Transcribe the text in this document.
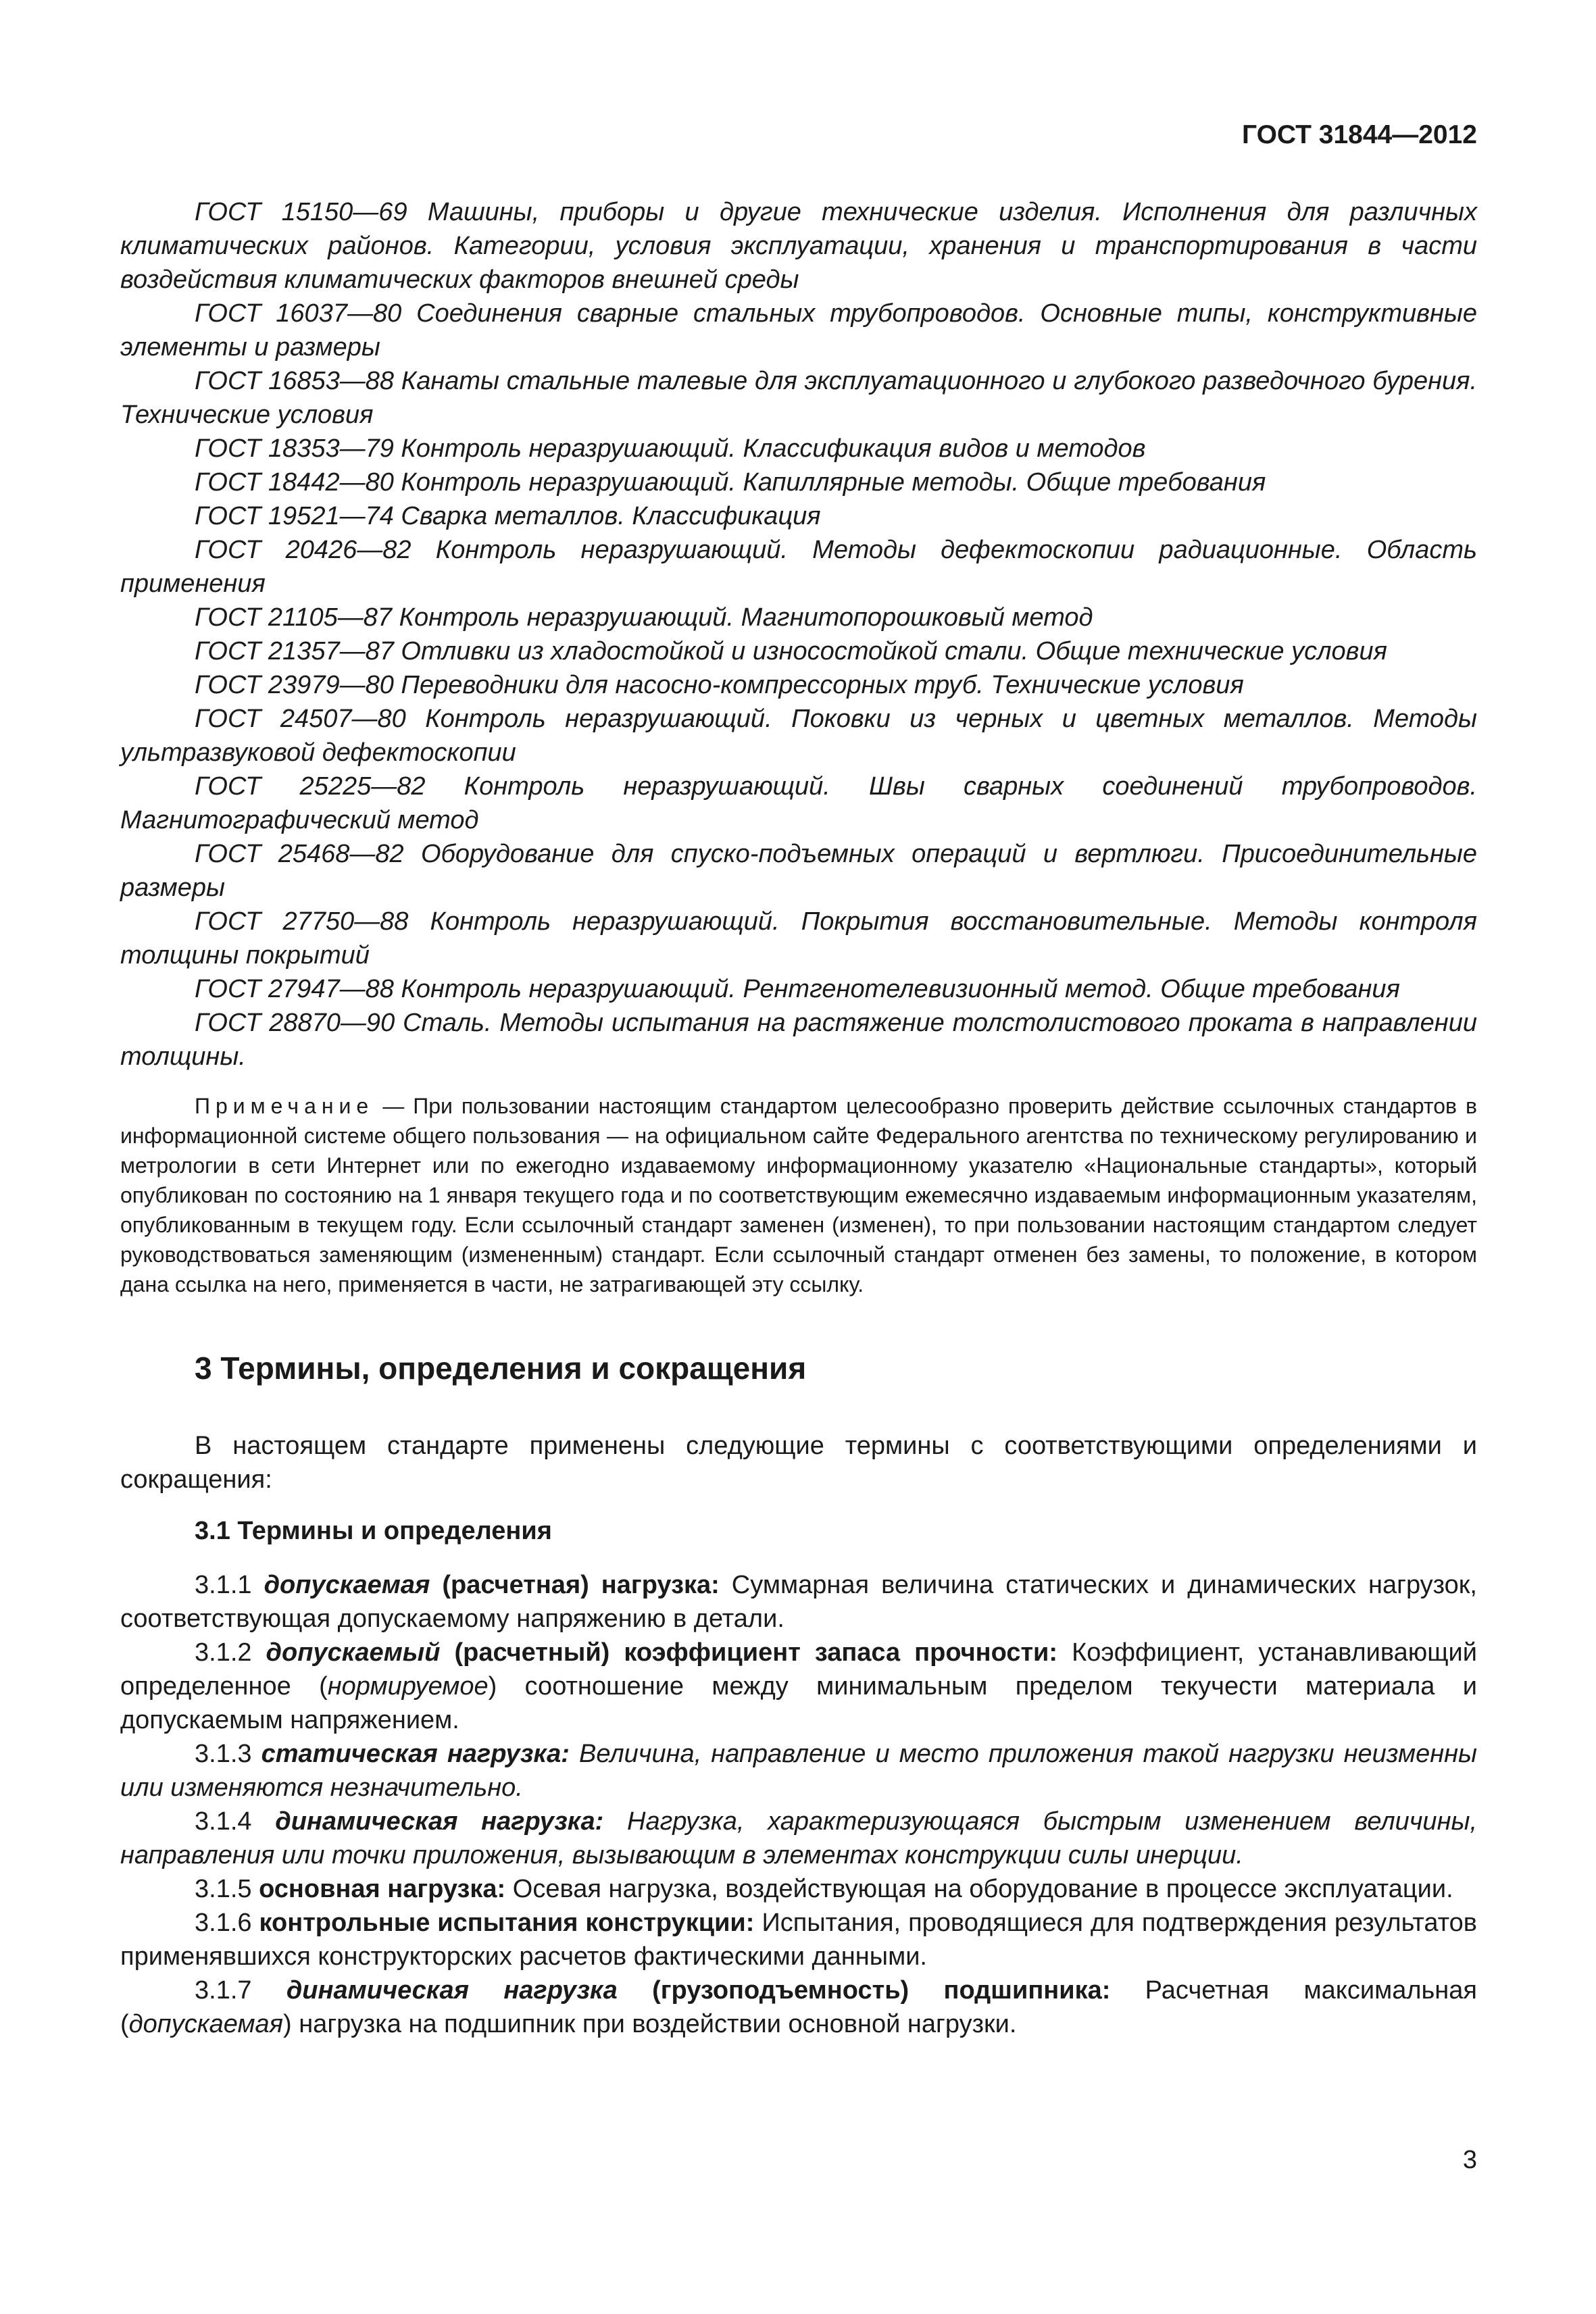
ГОСТ 31844—2012

ГОСТ 15150—69 Машины, приборы и другие технические изделия. Исполнения для различных климатических районов. Категории, условия эксплуатации, хранения и транспортирования в части воздействия климатических факторов внешней среды

ГОСТ 16037—80 Соединения сварные стальных трубопроводов. Основные типы, конструктивные элементы и размеры

ГОСТ 16853—88 Канаты стальные талевые для эксплуатационного и глубокого разведочного бурения. Технические условия

ГОСТ 18353—79 Контроль неразрушающий. Классификация видов и методов

ГОСТ 18442—80 Контроль неразрушающий. Капиллярные методы. Общие требования

ГОСТ 19521—74 Сварка металлов. Классификация

ГОСТ 20426—82 Контроль неразрушающий. Методы дефектоскопии радиационные. Область применения

ГОСТ 21105—87 Контроль неразрушающий. Магнитопорошковый метод

ГОСТ 21357—87 Отливки из хладостойкой и износостойкой стали. Общие технические условия

ГОСТ 23979—80 Переводники для насосно-компрессорных труб. Технические условия

ГОСТ 24507—80 Контроль неразрушающий. Поковки из черных и цветных металлов. Методы ультразвуковой дефектоскопии

ГОСТ 25225—82 Контроль неразрушающий. Швы сварных соединений трубопроводов. Магнитографический метод

ГОСТ 25468—82 Оборудование для спуско-подъемных операций и вертлюги. Присоединительные размеры

ГОСТ 27750—88 Контроль неразрушающий. Покрытия восстановительные. Методы контроля толщины покрытий

ГОСТ 27947—88 Контроль неразрушающий. Рентгенотелевизионный метод. Общие требования

ГОСТ 28870—90 Сталь. Методы испытания на растяжение толстолистового проката в направлении толщины.

Примечание — При пользовании настоящим стандартом целесообразно проверить действие ссылочных стандартов в информационной системе общего пользования — на официальном сайте Федерального агентства по техническому регулированию и метрологии в сети Интернет или по ежегодно издаваемому информационному указателю «Национальные стандарты», который опубликован по состоянию на 1 января текущего года и по соответствующим ежемесячно издаваемым информационным указателям, опубликованным в текущем году. Если ссылочный стандарт заменен (изменен), то при пользовании настоящим стандартом следует руководствоваться заменяющим (измененным) стандарт. Если ссылочный стандарт отменен без замены, то положение, в котором дана ссылка на него, применяется в части, не затрагивающей эту ссылку.

3 Термины, определения и сокращения

В настоящем стандарте применены следующие термины с соответствующими определениями и сокращения:

3.1 Термины и определения

3.1.1 допускаемая (расчетная) нагрузка: Суммарная величина статических и динамических нагрузок, соответствующая допускаемому напряжению в детали.

3.1.2 допускаемый (расчетный) коэффициент запаса прочности: Коэффициент, устанавливающий определенное (нормируемое) соотношение между минимальным пределом текучести материала и допускаемым напряжением.

3.1.3 статическая нагрузка: Величина, направление и место приложения такой нагрузки неизменны или изменяются незначительно.

3.1.4 динамическая нагрузка: Нагрузка, характеризующаяся быстрым изменением величины, направления или точки приложения, вызывающим в элементах конструкции силы инерции.

3.1.5 основная нагрузка: Осевая нагрузка, воздействующая на оборудование в процессе эксплуатации.

3.1.6 контрольные испытания конструкции: Испытания, проводящиеся для подтверждения результатов применявшихся конструкторских расчетов фактическими данными.

3.1.7 динамическая нагрузка (грузоподъемность) подшипника: Расчетная максимальная (допускаемая) нагрузка на подшипник при воздействии основной нагрузки.

3
